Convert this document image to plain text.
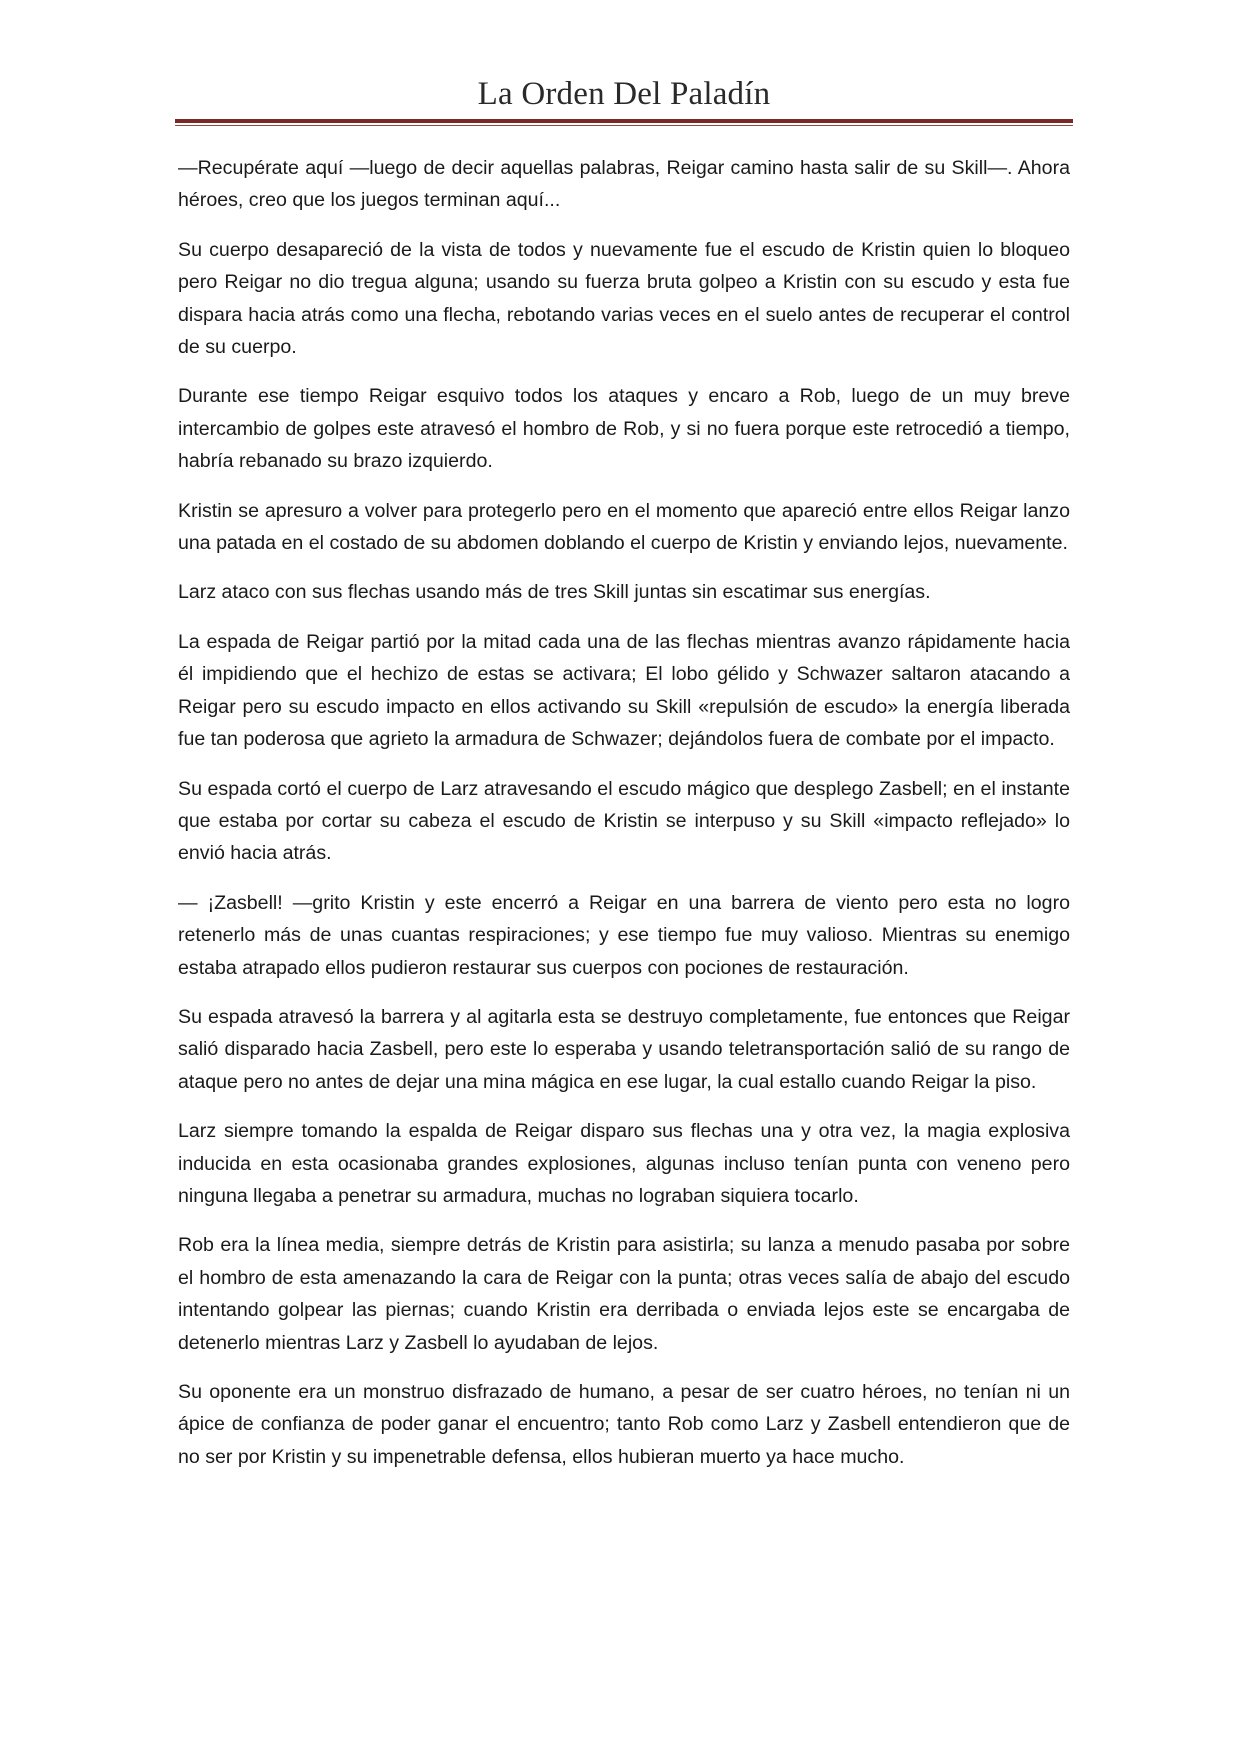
La Orden Del Paladín

—Recupérate aquí —luego de decir aquellas palabras, Reigar camino hasta salir de su Skill—. Ahora héroes, creo que los juegos terminan aquí...

Su cuerpo desapareció de la vista de todos y nuevamente fue el escudo de Kristin quien lo bloqueo pero Reigar no dio tregua alguna; usando su fuerza bruta golpeo a Kristin con su escudo y esta fue dispara hacia atrás como una flecha, rebotando varias veces en el suelo antes de recuperar el control de su cuerpo.

Durante ese tiempo Reigar esquivo todos los ataques y encaro a Rob, luego de un muy breve intercambio de golpes este atravesó el hombro de Rob, y si no fuera porque este retrocedió a tiempo, habría rebanado su brazo izquierdo.

Kristin se apresuro a volver para protegerlo pero en el momento que apareció entre ellos Reigar lanzo una patada en el costado de su abdomen doblando el cuerpo de Kristin y enviando lejos, nuevamente.

Larz ataco con sus flechas usando más de tres Skill juntas sin escatimar sus energías.

La espada de Reigar partió por la mitad cada una de las flechas mientras avanzo rápidamente hacia él impidiendo que el hechizo de estas se activara; El lobo gélido y Schwazer saltaron atacando a Reigar pero su escudo impacto en ellos activando su Skill «repulsión de escudo» la energía liberada fue tan poderosa que agrieto la armadura de Schwazer; dejándolos fuera de combate por el impacto.

Su espada cortó el cuerpo de Larz atravesando el escudo mágico que desplego Zasbell; en el instante que estaba por cortar su cabeza el escudo de Kristin se interpuso y su Skill «impacto reflejado» lo envió hacia atrás.

— ¡Zasbell! —grito Kristin y este encerró a Reigar en una barrera de viento pero esta no logro retenerlo más de unas cuantas respiraciones; y ese tiempo fue muy valioso. Mientras su enemigo estaba atrapado ellos pudieron restaurar sus cuerpos con pociones de restauración.

Su espada atravesó la barrera y al agitarla esta se destruyo completamente, fue entonces que Reigar salió disparado hacia Zasbell, pero este lo esperaba y usando teletransportación salió de su rango de ataque pero no antes de dejar una mina mágica en ese lugar, la cual estallo cuando Reigar la piso.

Larz siempre tomando la espalda de Reigar disparo sus flechas una y otra vez, la magia explosiva inducida en esta ocasionaba grandes explosiones, algunas incluso tenían punta con veneno pero ninguna llegaba a penetrar su armadura, muchas no lograban siquiera tocarlo.

Rob era la línea media, siempre detrás de Kristin para asistirla; su lanza a menudo pasaba por sobre el hombro de esta amenazando la cara de Reigar con la punta; otras veces salía de abajo del escudo intentando golpear las piernas; cuando Kristin era derribada o enviada lejos este se encargaba de detenerlo mientras Larz y Zasbell lo ayudaban de lejos.

Su oponente era un monstruo disfrazado de humano, a pesar de ser cuatro héroes, no tenían ni un ápice de confianza de poder ganar el encuentro; tanto Rob como Larz y Zasbell entendieron que de no ser por Kristin y su impenetrable defensa, ellos hubieran muerto ya hace mucho.
